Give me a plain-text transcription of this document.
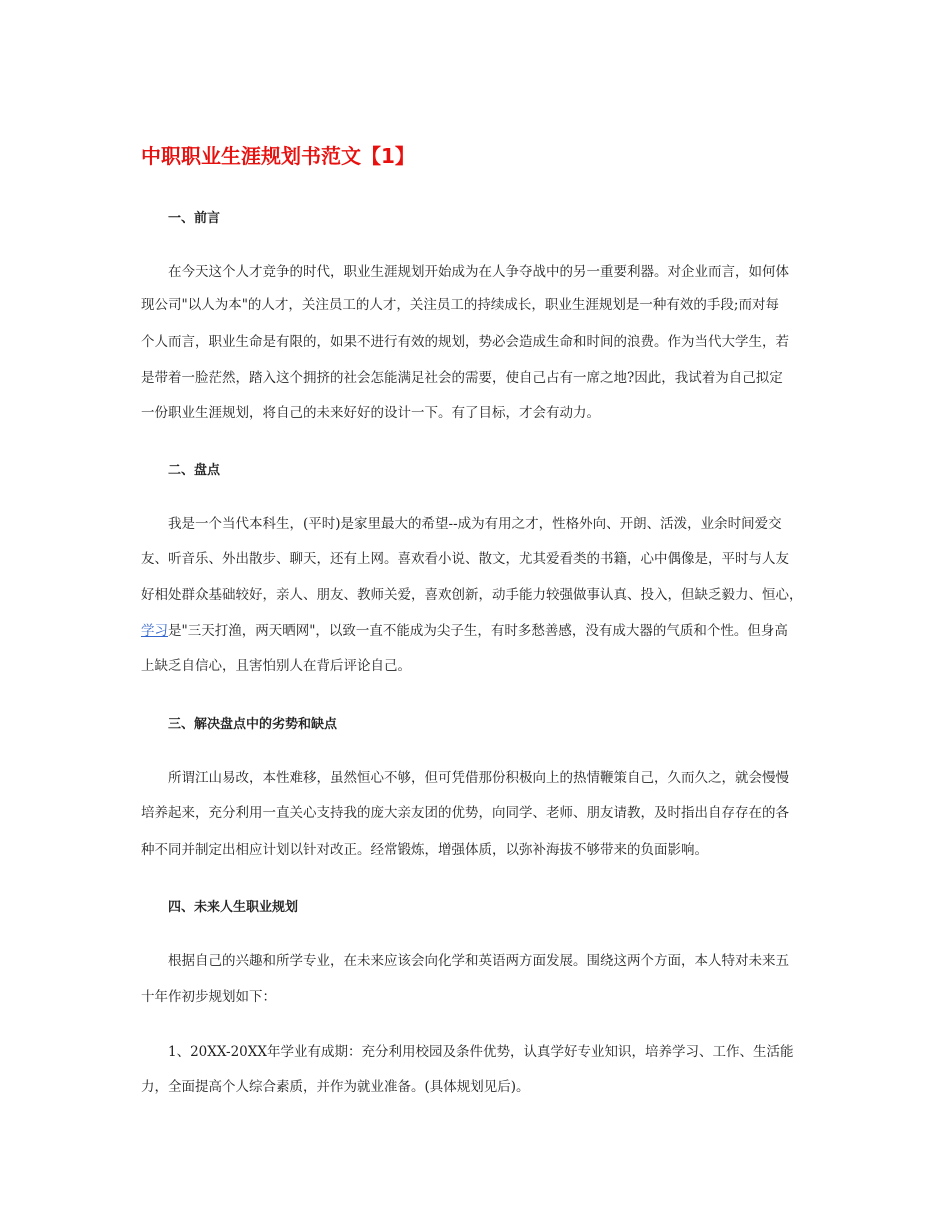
中职职业生涯规划书范文【1】
一、前言
在今天这个人才竞争的时代，职业生涯规划开始成为在人争夺战中的另一重要利器。对企业而言，如何体
现公司"以人为本"的人才，关注员工的人才，关注员工的持续成长，职业生涯规划是一种有效的手段;而对每
个人而言，职业生命是有限的，如果不进行有效的规划，势必会造成生命和时间的浪费。作为当代大学生，若
是带着一脸茫然，踏入这个拥挤的社会怎能满足社会的需要，使自己占有一席之地?因此，我试着为自己拟定
一份职业生涯规划，将自己的未来好好的设计一下。有了目标，才会有动力。
二、盘点
我是一个当代本科生，(平时)是家里最大的希望--成为有用之才，性格外向、开朗、活泼，业余时间爱交
友、听音乐、外出散步、聊天，还有上网。喜欢看小说、散文，尤其爱看类的书籍，心中偶像是，平时与人友
好相处群众基础较好，亲人、朋友、教师关爱，喜欢创新，动手能力较强做事认真、投入，但缺乏毅力、恒心，
学习是"三天打渔，两天晒网"，以致一直不能成为尖子生，有时多愁善感，没有成大器的气质和个性。但身高
上缺乏自信心，且害怕别人在背后评论自己。
三、解决盘点中的劣势和缺点
所谓江山易改，本性难移，虽然恒心不够，但可凭借那份积极向上的热情鞭策自己，久而久之，就会慢慢
培养起来，充分利用一直关心支持我的庞大亲友团的优势，向同学、老师、朋友请教，及时指出自存存在的各
种不同并制定出相应计划以针对改正。经常锻炼，增强体质，以弥补海拔不够带来的负面影响。
四、未来人生职业规划
根据自己的兴趣和所学专业，在未来应该会向化学和英语两方面发展。围绕这两个方面，本人特对未来五
十年作初步规划如下：
1、20XX-20XX年学业有成期：充分利用校园及条件优势，认真学好专业知识，培养学习、工作、生活能
力，全面提高个人综合素质，并作为就业准备。(具体规划见后)。
